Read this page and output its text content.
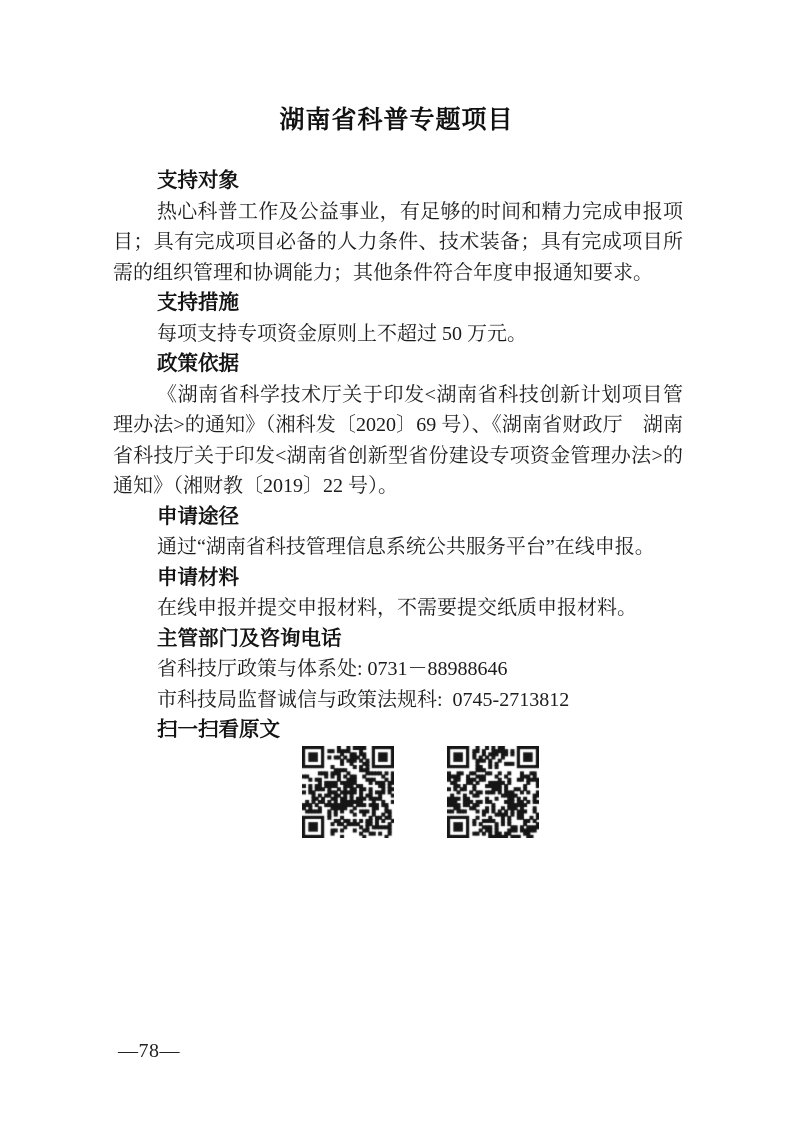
湖南省科普专题项目
支持对象

热心科普工作及公益事业，有足够的时间和精力完成申报项目；具有完成项目必备的人力条件、技术装备；具有完成项目所需的组织管理和协调能力；其他条件符合年度申报通知要求。

支持措施

每项支持专项资金原则上不超过 50 万元。

政策依据

《湖南省科学技术厅关于印发<湖南省科技创新计划项目管理办法>的通知》（湘科发〔2020〕69 号）、《湖南省财政厅　湖南省科技厅关于印发<湖南省创新型省份建设专项资金管理办法>的通知》（湘财教〔2019〕22 号）。

申请途径

通过“湖南省科技管理信息系统公共服务平台”在线申报。

申请材料

在线申报并提交申报材料，不需要提交纸质申报材料。

主管部门及咨询电话

省科技厅政策与体系处: 0731－88988646

市科技局监督诚信与政策法规科:  0745-2713812

扫一扫看原文
—78—
